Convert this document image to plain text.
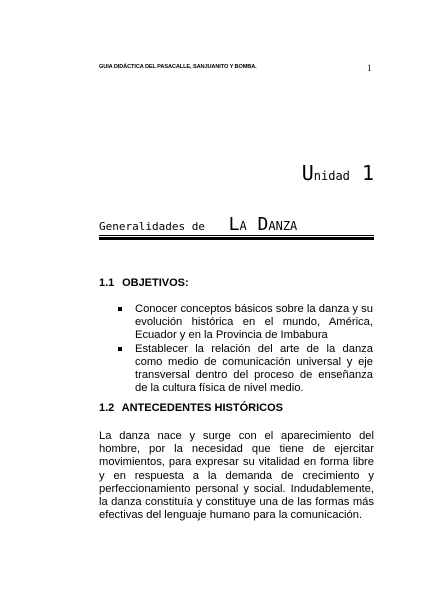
GUIA DIDÁCTICA DEL PASACALLE, SANJUANITO Y BOMBA.	1
Unidad 1
Generalidades de LA DANZA
1.1 OBJETIVOS:
Conocer conceptos básicos sobre la danza y su evolución histórica en el mundo, América, Ecuador y en la Provincia de Imbabura
Establecer la relación del arte de la danza como medio de comunicación universal y eje transversal dentro del proceso de enseñanza de la cultura física de nivel medio.
1.2 ANTECEDENTES HISTÓRICOS

La danza nace y surge con el aparecimiento del hombre, por la necesidad que tiene de ejercitar movimientos, para expresar su vitalidad en forma libre y en respuesta a la demanda de crecimiento y perfeccionamiento personal y social. Indudablemente, la danza constituía y constituye una de las formas más efectivas del lenguaje humano para la comunicación.
